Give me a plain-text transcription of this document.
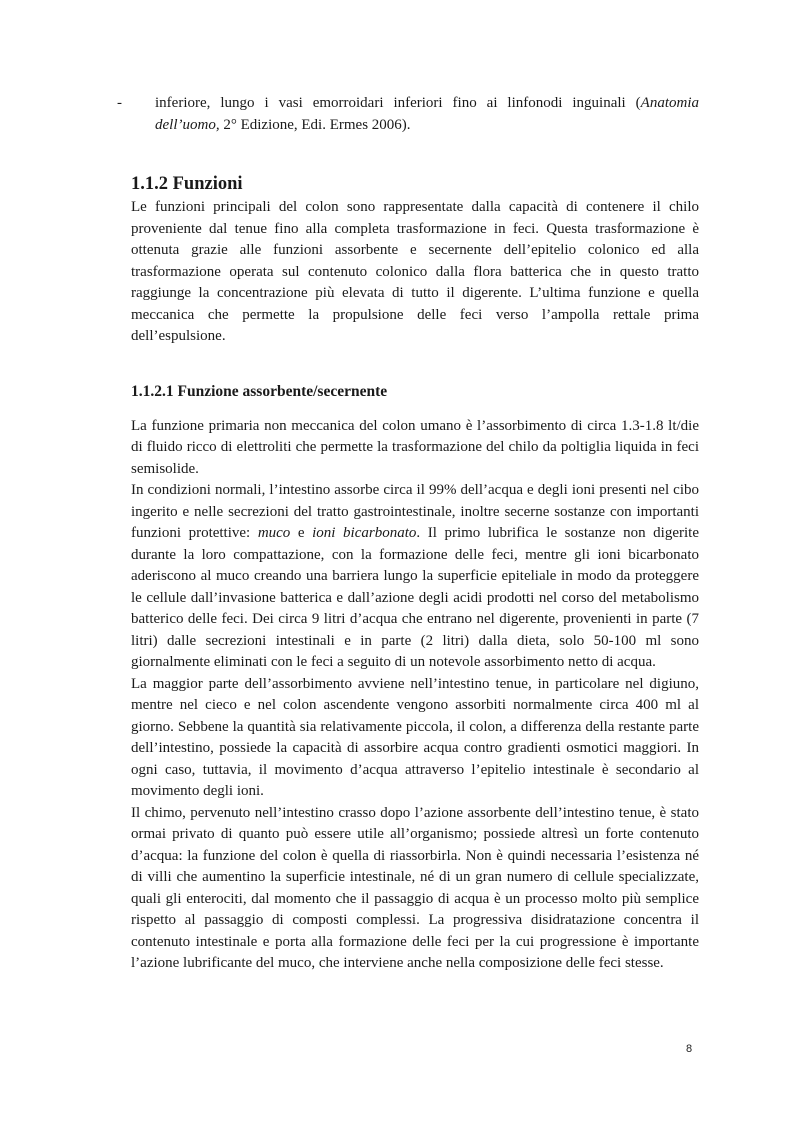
- inferiore, lungo i vasi emorroidari inferiori fino ai linfonodi inguinali (Anatomia dell’uomo, 2° Edizione, Edi. Ermes 2006).
1.1.2 Funzioni

Le funzioni principali del colon sono rappresentate dalla capacità di contenere il chilo proveniente dal tenue fino alla completa trasformazione in feci. Questa trasformazione è ottenuta grazie alle funzioni assorbente e secernente dell’epitelio colonico ed alla trasformazione operata sul contenuto colonico dalla flora batterica che in questo tratto raggiunge la concentrazione più elevata di tutto il digerente. L’ultima funzione e quella meccanica che permette la propulsione delle feci verso l’ampolla rettale prima dell’espulsione.

1.1.2.1 Funzione assorbente/secernente

La funzione primaria non meccanica del colon umano è l’assorbimento di circa 1.3-1.8 lt/die di fluido ricco di elettroliti che permette la trasformazione del chilo da poltiglia liquida in feci semisolide.

In condizioni normali, l’intestino assorbe circa il 99% dell’acqua e degli ioni presenti nel cibo ingerito e nelle secrezioni del tratto gastrointestinale, inoltre secerne sostanze con importanti funzioni protettive: muco e ioni bicarbonato. Il primo lubrifica le sostanze non digerite durante la loro compattazione, con la formazione delle feci, mentre gli ioni bicarbonato aderiscono al muco creando una barriera lungo la superficie epiteliale in modo da proteggere le cellule dall’invasione batterica e dall’azione degli acidi prodotti nel corso del metabolismo batterico delle feci. Dei circa 9 litri d’acqua che entrano nel digerente, provenienti in parte (7 litri) dalle secrezioni intestinali e in parte (2 litri) dalla dieta, solo 50-100 ml sono giornalmente eliminati con le feci a seguito di un notevole assorbimento netto di acqua.

La maggior parte dell’assorbimento avviene nell’intestino tenue, in particolare nel digiuno, mentre nel cieco e nel colon ascendente vengono assorbiti normalmente circa 400 ml al giorno. Sebbene la quantità sia relativamente piccola, il colon, a differenza della restante parte dell’intestino, possiede la capacità di assorbire acqua contro gradienti osmotici maggiori. In ogni caso, tuttavia, il movimento d’acqua attraverso l’epitelio intestinale è secondario al movimento degli ioni.

Il chimo, pervenuto nell’intestino crasso dopo l’azione assorbente dell’intestino tenue, è stato ormai privato di quanto può essere utile all’organismo; possiede altresì un forte contenuto d’acqua: la funzione del colon è quella di riassorbirla. Non è quindi necessaria l’esistenza né di villi che aumentino la superficie intestinale, né di un gran numero di cellule specializzate, quali gli enterociti, dal momento che il passaggio di acqua è un processo molto più semplice rispetto al passaggio di composti complessi. La progressiva disidratazione concentra il contenuto intestinale e porta alla formazione delle feci per la cui progressione è importante l’azione lubrificante del muco, che interviene anche nella composizione delle feci stesse.

8
